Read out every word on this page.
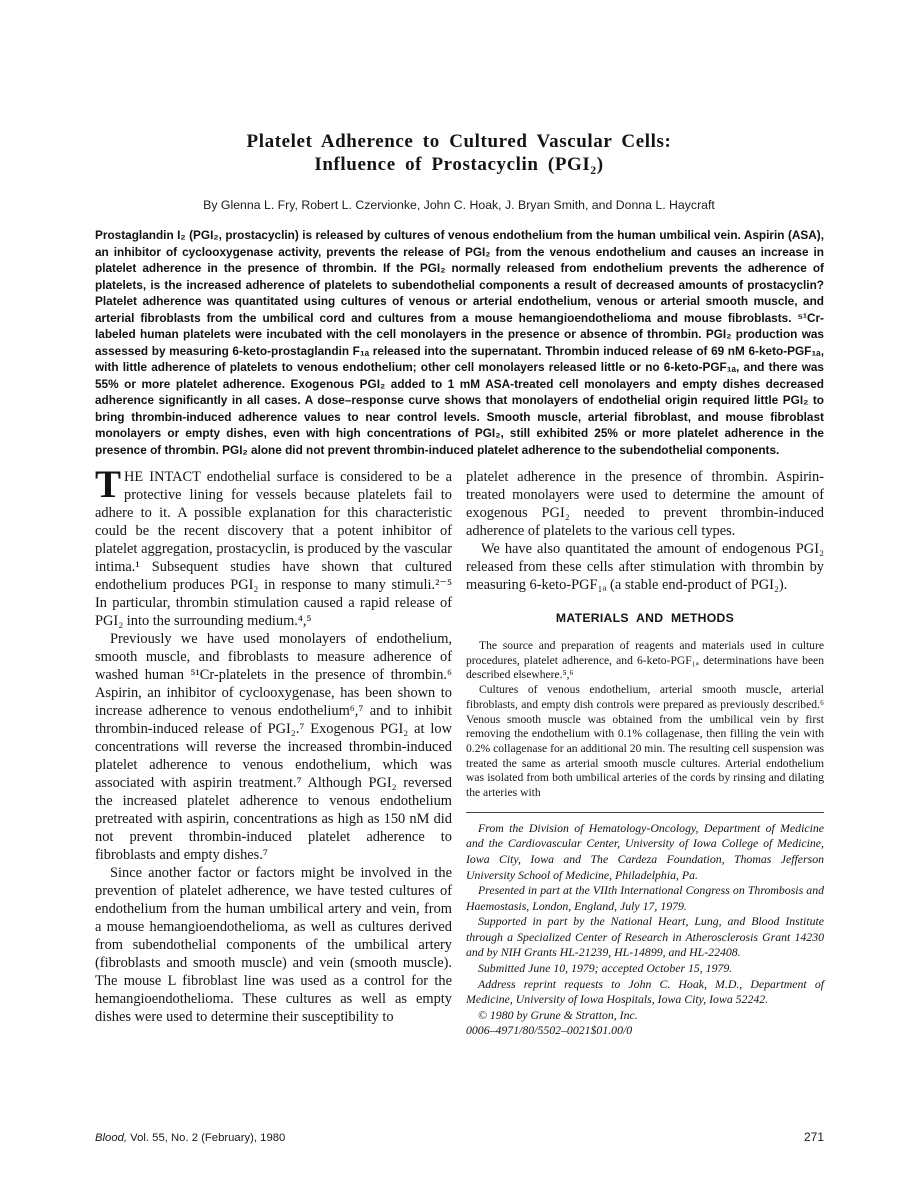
Platelet Adherence to Cultured Vascular Cells:
Influence of Prostacyclin (PGI₂)
By Glenna L. Fry, Robert L. Czervionke, John C. Hoak, J. Bryan Smith, and Donna L. Haycraft
Prostaglandin I₂ (PGI₂, prostacyclin) is released by cultures of venous endothelium from the human umbilical vein. Aspirin (ASA), an inhibitor of cyclooxygenase activity, prevents the release of PGI₂ from the venous endothelium and causes an increase in platelet adherence in the presence of thrombin. If the PGI₂ normally released from endothelium prevents the adherence of platelets, is the increased adherence of platelets to subendothelial components a result of decreased amounts of prostacyclin? Platelet adherence was quantitated using cultures of venous or arterial endothelium, venous or arterial smooth muscle, and arterial fibroblasts from the umbilical cord and cultures from a mouse hemangioendothelioma and mouse fibroblasts. ⁵¹Cr-labeled human platelets were incubated with the cell monolayers in the presence or absence of thrombin. PGI₂ production was assessed by measuring 6-keto-prostaglandin F₁ₐ released into the supernatant. Thrombin induced release of 69 nM 6-keto-PGF₁ₐ, with little adherence of platelets to venous endothelium; other cell monolayers released little or no 6-keto-PGF₁ₐ, and there was 55% or more platelet adherence. Exogenous PGI₂ added to 1 mM ASA-treated cell monolayers and empty dishes decreased adherence significantly in all cases. A dose–response curve shows that monolayers of endothelial origin required little PGI₂ to bring thrombin-induced adherence values to near control levels. Smooth muscle, arterial fibroblast, and mouse fibroblast monolayers or empty dishes, even with high concentrations of PGI₂, still exhibited 25% or more platelet adherence in the presence of thrombin. PGI₂ alone did not prevent thrombin-induced platelet adherence to the subendothelial components.

THE INTACT endothelial surface is considered to be a protective lining for vessels because platelets fail to adhere to it. A possible explanation for this characteristic could be the recent discovery that a potent inhibitor of platelet aggregation, prostacyclin, is produced by the vascular intima.¹ Subsequent studies have shown that cultured endothelium produces PGI₂ in response to many stimuli.²⁻⁵ In particular, thrombin stimulation caused a rapid release of PGI₂ into the surrounding medium.⁴,⁵

Previously we have used monolayers of endothelium, smooth muscle, and fibroblasts to measure adherence of washed human ⁵¹Cr-platelets in the presence of thrombin.⁶ Aspirin, an inhibitor of cyclooxygenase, has been shown to increase adherence to venous endothelium⁶,⁷ and to inhibit thrombin-induced release of PGI₂.⁷ Exogenous PGI₂ at low concentrations will reverse the increased thrombin-induced platelet adherence to venous endothelium, which was associated with aspirin treatment.⁷ Although PGI₂ reversed the increased platelet adherence to venous endothelium pretreated with aspirin, concentrations as high as 150 nM did not prevent thrombin-induced platelet adherence to fibroblasts and empty dishes.⁷

Since another factor or factors might be involved in the prevention of platelet adherence, we have tested cultures of endothelium from the human umbilical artery and vein, from a mouse hemangioendothelioma, as well as cultures derived from subendothelial components of the umbilical artery (fibroblasts and smooth muscle) and vein (smooth muscle). The mouse L fibroblast line was used as a control for the hemangioendothelioma. These cultures as well as empty dishes were used to determine their susceptibility to

platelet adherence in the presence of thrombin. Aspirin-treated monolayers were used to determine the amount of exogenous PGI₂ needed to prevent thrombin-induced adherence of platelets to the various cell types.

We have also quantitated the amount of endogenous PGI₂ released from these cells after stimulation with thrombin by measuring 6-keto-PGF₁ₐ (a stable end-product of PGI₂).

MATERIALS AND METHODS

The source and preparation of reagents and materials used in culture procedures, platelet adherence, and 6-keto-PGF₁ₐ determinations have been described elsewhere.⁵,⁶

Cultures of venous endothelium, arterial smooth muscle, arterial fibroblasts, and empty dish controls were prepared as previously described.⁶ Venous smooth muscle was obtained from the umbilical vein by first removing the endothelium with 0.1% collagenase, then filling the vein with 0.2% collagenase for an additional 20 min. The resulting cell suspension was treated the same as arterial smooth muscle cultures. Arterial endothelium was isolated from both umbilical arteries of the cords by rinsing and dilating the arteries with

From the Division of Hematology-Oncology, Department of Medicine and the Cardiovascular Center, University of Iowa College of Medicine, Iowa City, Iowa and The Cardeza Foundation, Thomas Jefferson University School of Medicine, Philadelphia, Pa.

Presented in part at the VIIth International Congress on Thrombosis and Haemostasis, London, England, July 17, 1979.

Supported in part by the National Heart, Lung, and Blood Institute through a Specialized Center of Research in Atherosclerosis Grant 14230 and by NIH Grants HL-21239, HL-14899, and HL-22408.

Submitted June 10, 1979; accepted October 15, 1979.

Address reprint requests to John C. Hoak, M.D., Department of Medicine, University of Iowa Hospitals, Iowa City, Iowa 52242.

© 1980 by Grune & Stratton, Inc.

0006–4971/80/5502–0021$01.00/0

Blood, Vol. 55, No. 2 (February), 1980	271
